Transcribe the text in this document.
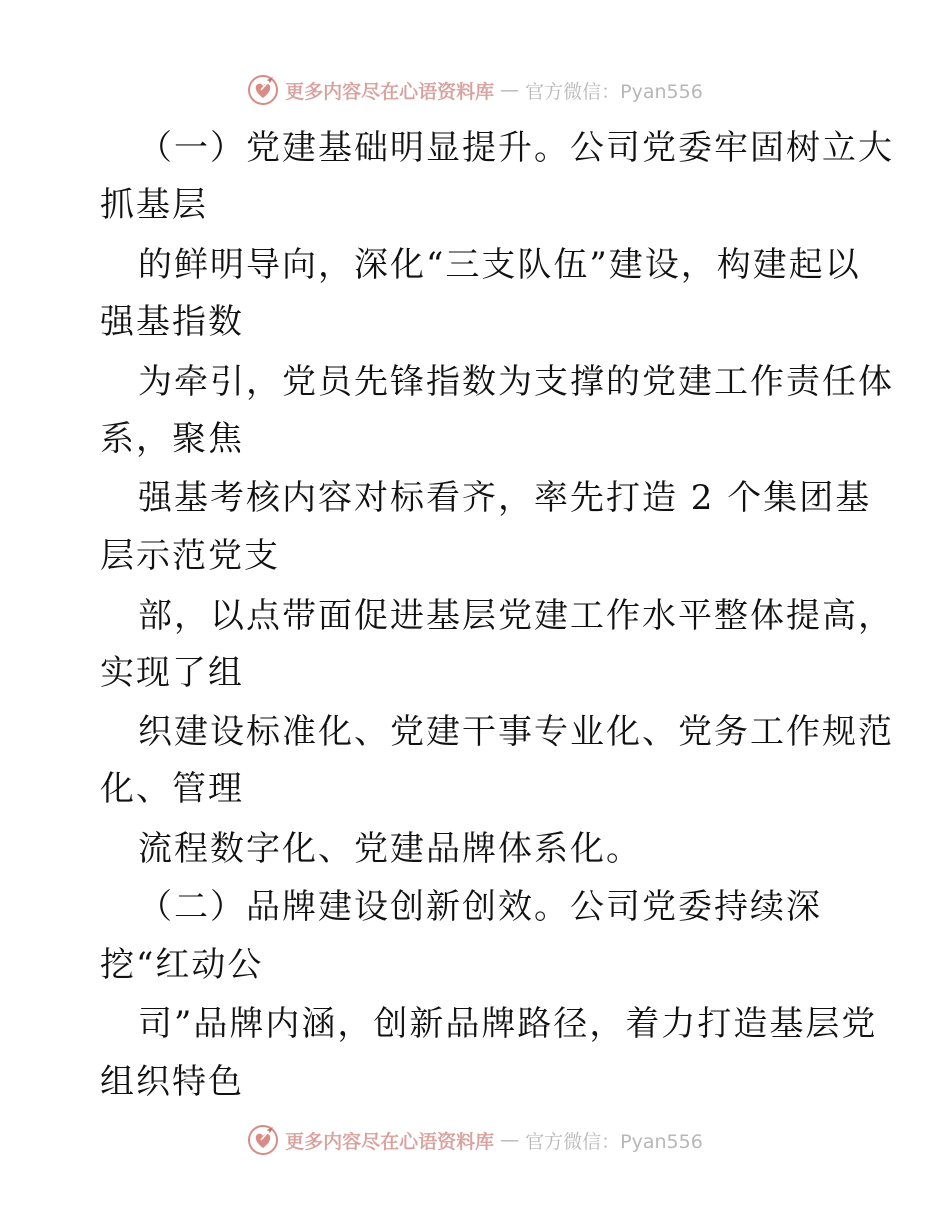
更多内容尽在心语资料库 — 官方微信：Pyan556
（一）党建基础明显提升。公司党委牢固树立大
抓基层
的鲜明导向，深化“三支队伍”建设，构建起以
强基指数
为牵引，党员先锋指数为支撑的党建工作责任体
系，聚焦
强基考核内容对标看齐，率先打造 2 个集团基
层示范党支
部，以点带面促进基层党建工作水平整体提高，
实现了组
织建设标准化、党建干事专业化、党务工作规范
化、管理
流程数字化、党建品牌体系化。
（二）品牌建设创新创效。公司党委持续深
挖“红动公
司”品牌内涵，创新品牌路径，着力打造基层党
组织特色
更多内容尽在心语资料库 — 官方微信：Pyan556
